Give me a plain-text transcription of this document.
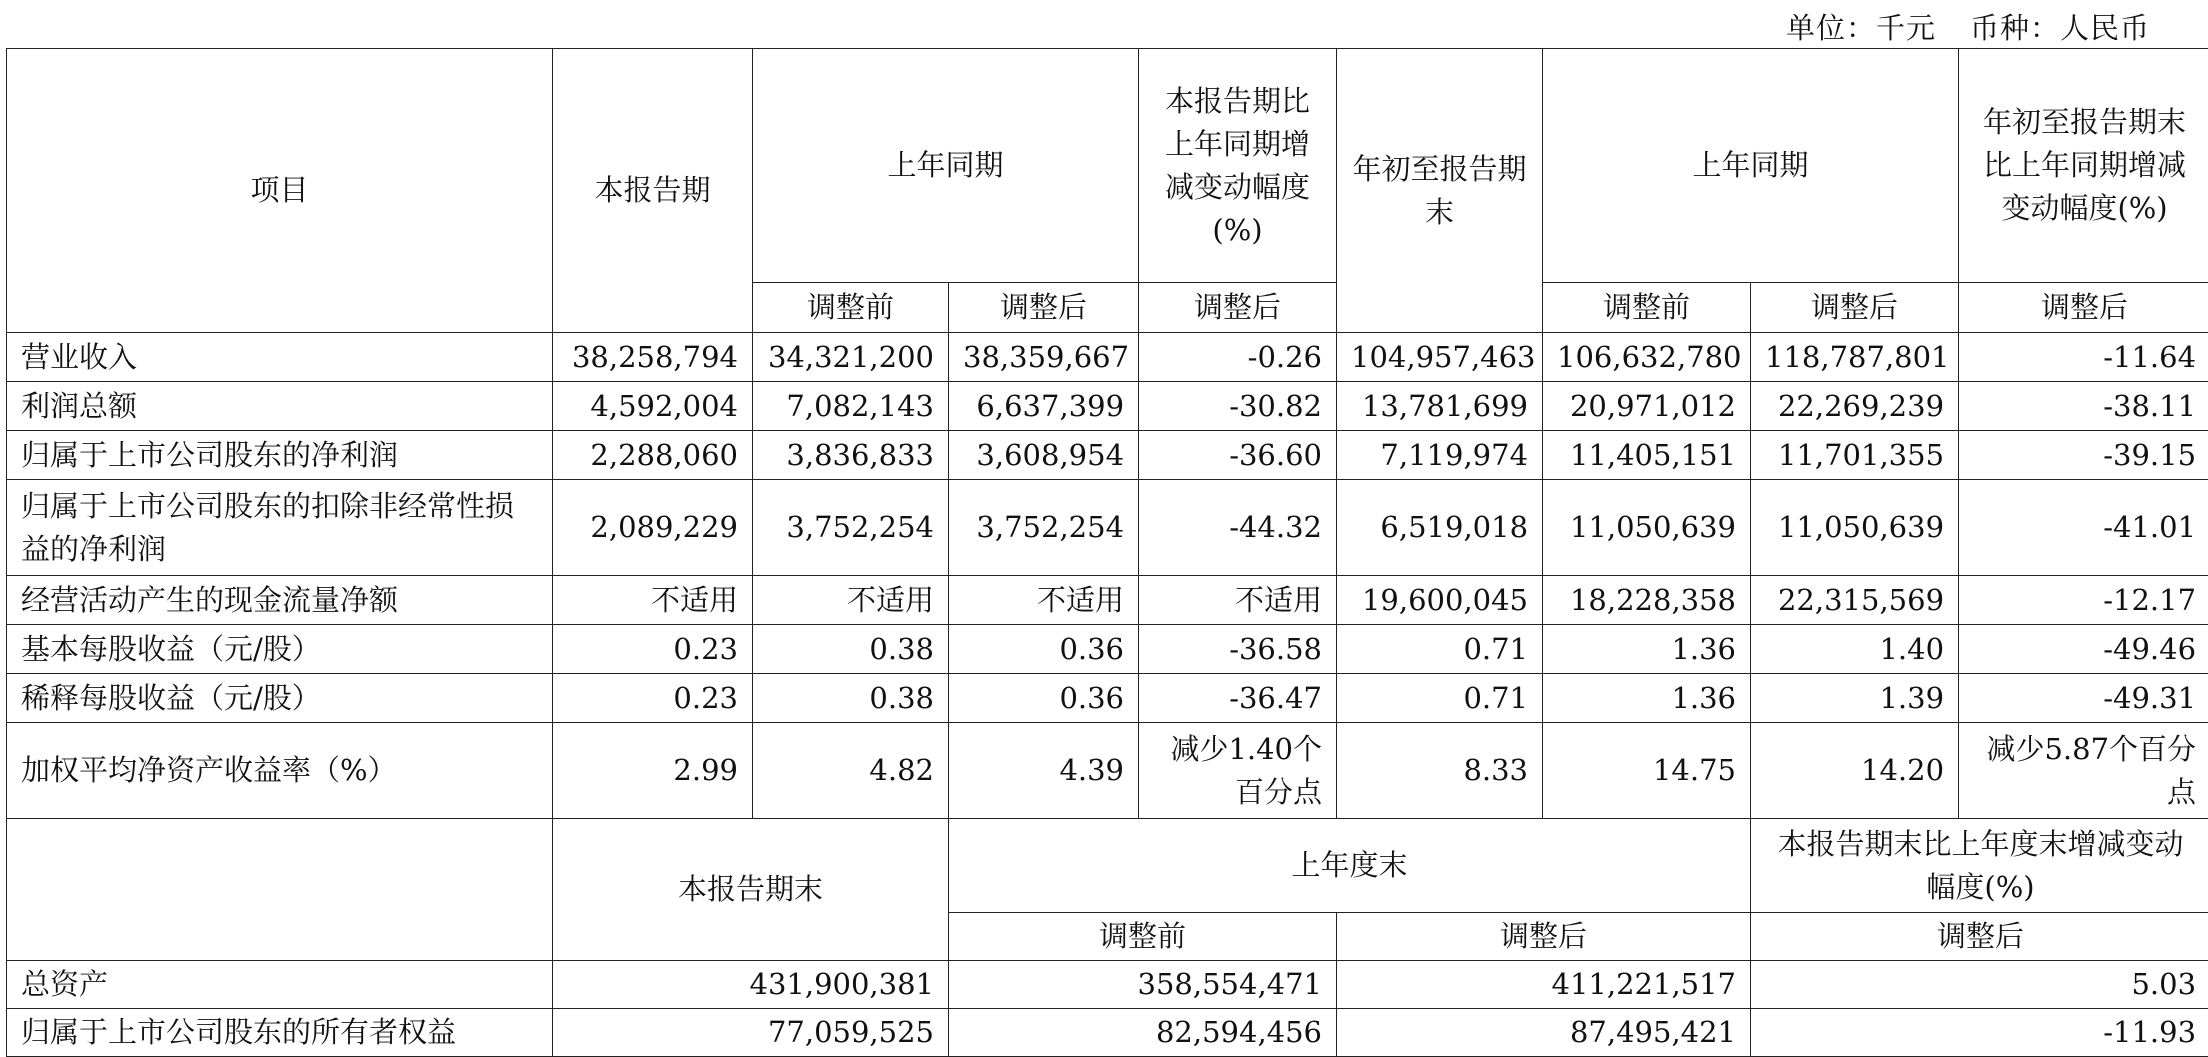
单位：千元 币种：人民币
项目	本报告期	上年同期		本报告期比上年同期增减变动幅度(%)	年初至报告期末	上年同期		年初至报告期末比上年同期增减变动幅度(%)
		调整前	调整后	调整后		调整前	调整后	调整后
营业收入	38,258,794	34,321,200	38,359,667	-0.26	104,957,463	106,632,780	118,787,801	-11.64
利润总额	4,592,004	7,082,143	6,637,399	-30.82	13,781,699	20,971,012	22,269,239	-38.11
归属于上市公司股东的净利润	2,288,060	3,836,833	3,608,954	-36.60	7,119,974	11,405,151	11,701,355	-39.15
归属于上市公司股东的扣除非经常性损益的净利润	2,089,229	3,752,254	3,752,254	-44.32	6,519,018	11,050,639	11,050,639	-41.01
经营活动产生的现金流量净额	不适用	不适用	不适用	不适用	19,600,045	18,228,358	22,315,569	-12.17
基本每股收益（元/股）	0.23	0.38	0.36	-36.58	0.71	1.36	1.40	-49.46
稀释每股收益（元/股）	0.23	0.38	0.36	-36.47	0.71	1.36	1.39	-49.31
加权平均净资产收益率（%）	2.99	4.82	4.39	减少1.40个百分点	8.33	14.75	14.20	减少5.87个百分点
	本报告期末		上年度末				本报告期末比上年度末增减变动幅度(%)	
			调整前		调整后		调整后	
总资产	431,900,381		358,554,471		411,221,517		5.03	
归属于上市公司股东的所有者权益	77,059,525		82,594,456		87,495,421		-11.93	
